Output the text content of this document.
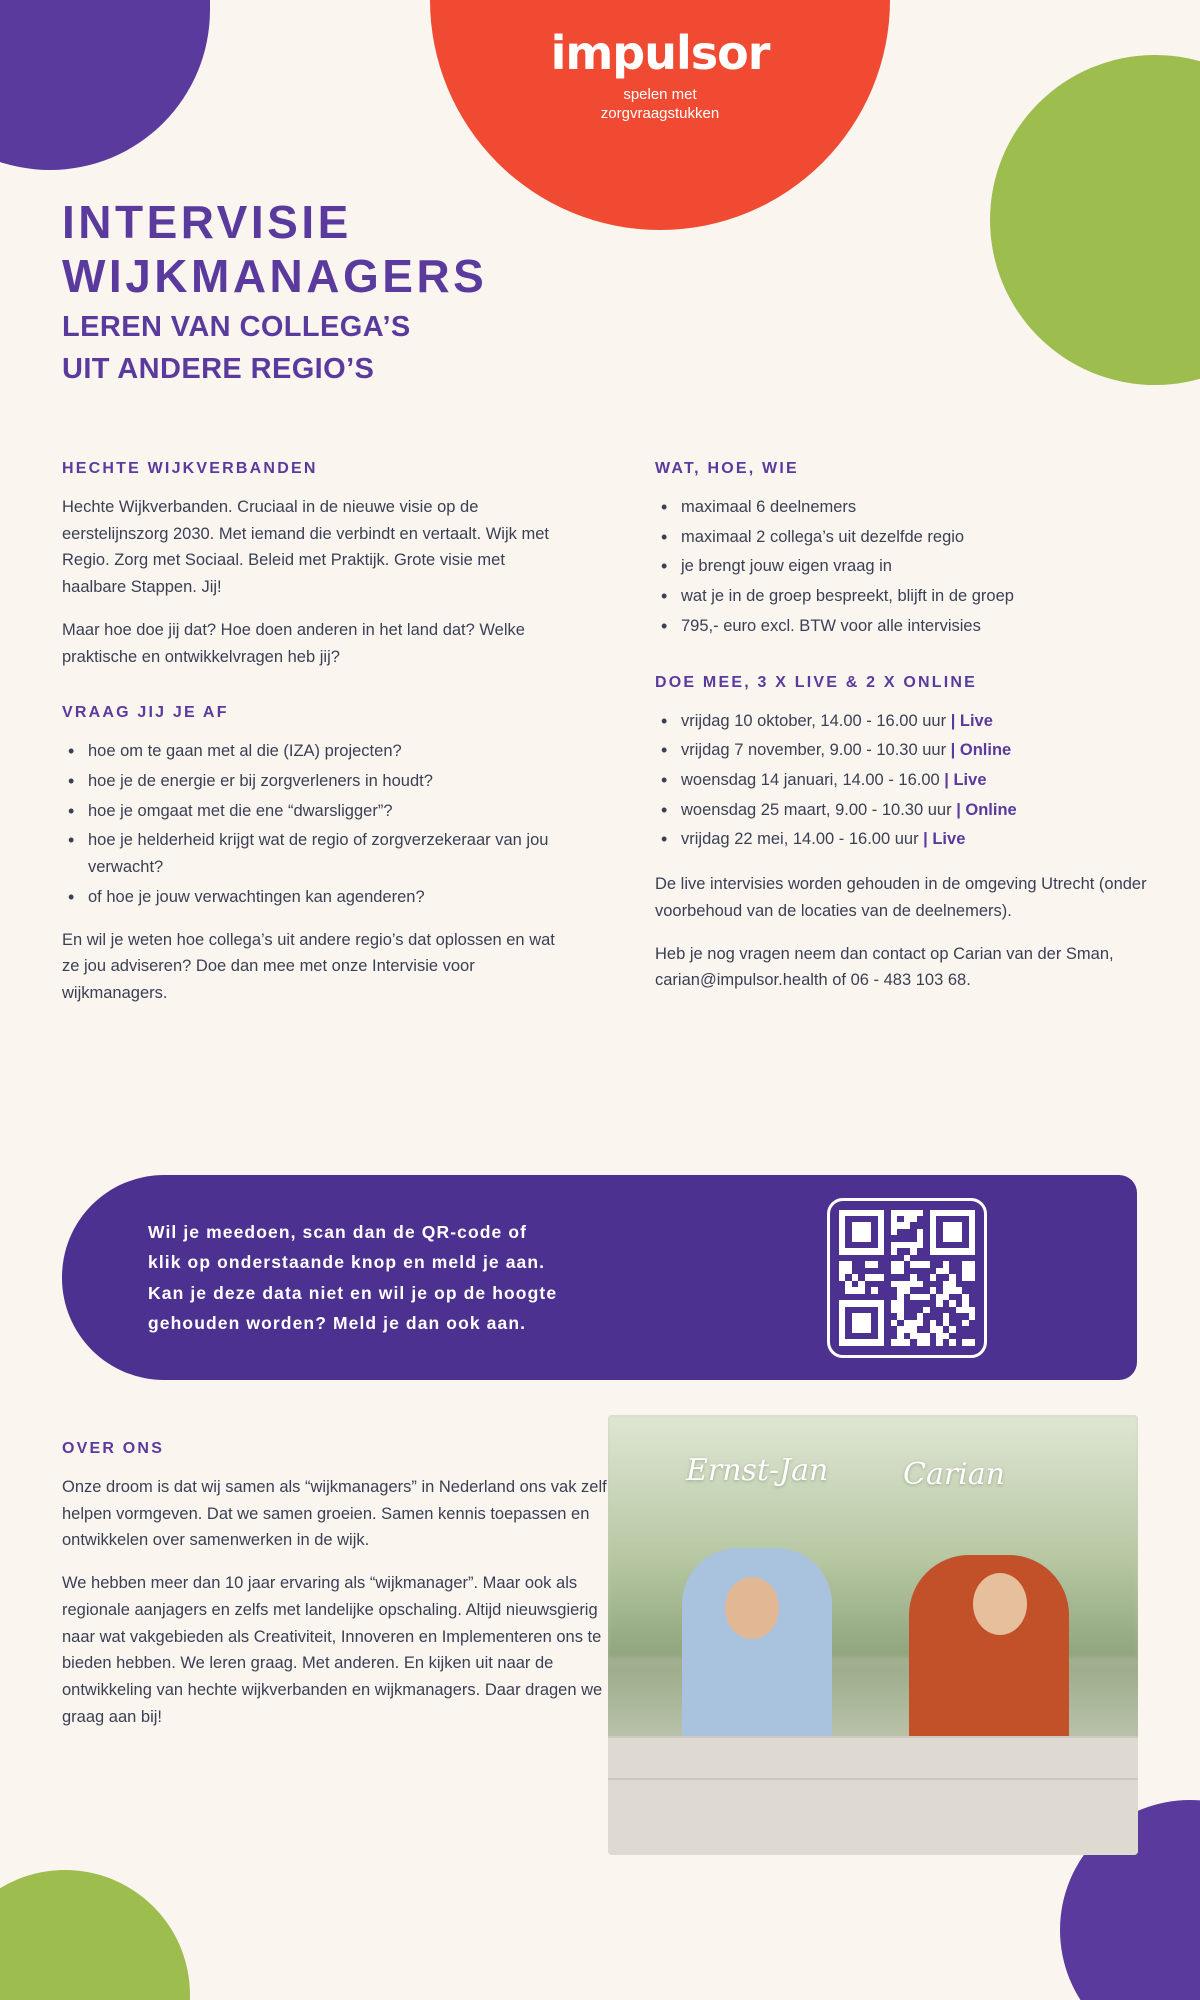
impulsor
spelen met
zorgvraagstukken
INTERVISIE
WIJKMANAGERS
LEREN VAN COLLEGA’S
UIT ANDERE REGIO’S
HECHTE WIJKVERBANDEN

Hechte Wijkverbanden. Cruciaal in de nieuwe visie op de eerstelijnszorg 2030. Met iemand die verbindt en vertaalt. Wijk met Regio. Zorg met Sociaal. Beleid met Praktijk. Grote visie met haalbare Stappen. Jij!

Maar hoe doe jij dat? Hoe doen anderen in het land dat? Welke praktische en ontwikkelvragen heb jij?

VRAAG JIJ JE AF
• hoe om te gaan met al die (IZA) projecten?
• hoe je de energie er bij zorgverleners in houdt?
• hoe je omgaat met die ene “dwarsligger”?
• hoe je helderheid krijgt wat de regio of zorgverzekeraar van jou verwacht?
• of hoe je jouw verwachtingen kan agenderen?

En wil je weten hoe collega’s uit andere regio’s dat oplossen en wat ze jou adviseren? Doe dan mee met onze Intervisie voor wijkmanagers.

WAT, HOE, WIE
• maximaal 6 deelnemers
• maximaal 2 collega’s uit dezelfde regio
• je brengt jouw eigen vraag in
• wat je in de groep bespreekt, blijft in de groep
• 795,- euro excl. BTW voor alle intervisies
DOE MEE, 3 X LIVE & 2 X ONLINE
• vrijdag 10 oktober, 14.00 - 16.00 uur | Live
• vrijdag 7 november, 9.00 - 10.30 uur | Online
• woensdag 14 januari, 14.00 - 16.00 | Live
• woensdag 25 maart, 9.00 - 10.30 uur | Online
• vrijdag 22 mei, 14.00 - 16.00 uur | Live

De live intervisies worden gehouden in de omgeving Utrecht (onder voorbehoud van de locaties van de deelnemers).

Heb je nog vragen neem dan contact op Carian van der Sman, carian@impulsor.health of 06 - 483 103 68.

Wil je meedoen, scan dan de QR-code of
klik op onderstaande knop en meld je aan.
Kan je deze data niet en wil je op de hoogte
gehouden worden? Meld je dan ook aan.
OVER ONS

Onze droom is dat wij samen als “wijkmanagers” in Nederland ons vak zelf helpen vormgeven. Dat we samen groeien. Samen kennis toepassen en ontwikkelen over samenwerken in de wijk.

We hebben meer dan 10 jaar ervaring als “wijkmanager”. Maar ook als regionale aanjagers en zelfs met landelijke opschaling. Altijd nieuwsgierig naar wat vakgebieden als Creativiteit, Innoveren en Implementeren ons te bieden hebben. We leren graag. Met anderen. En kijken uit naar de ontwikkeling van hechte wijkverbanden en wijkmanagers. Daar dragen we graag aan bij!

Ernst-Jan Carian
